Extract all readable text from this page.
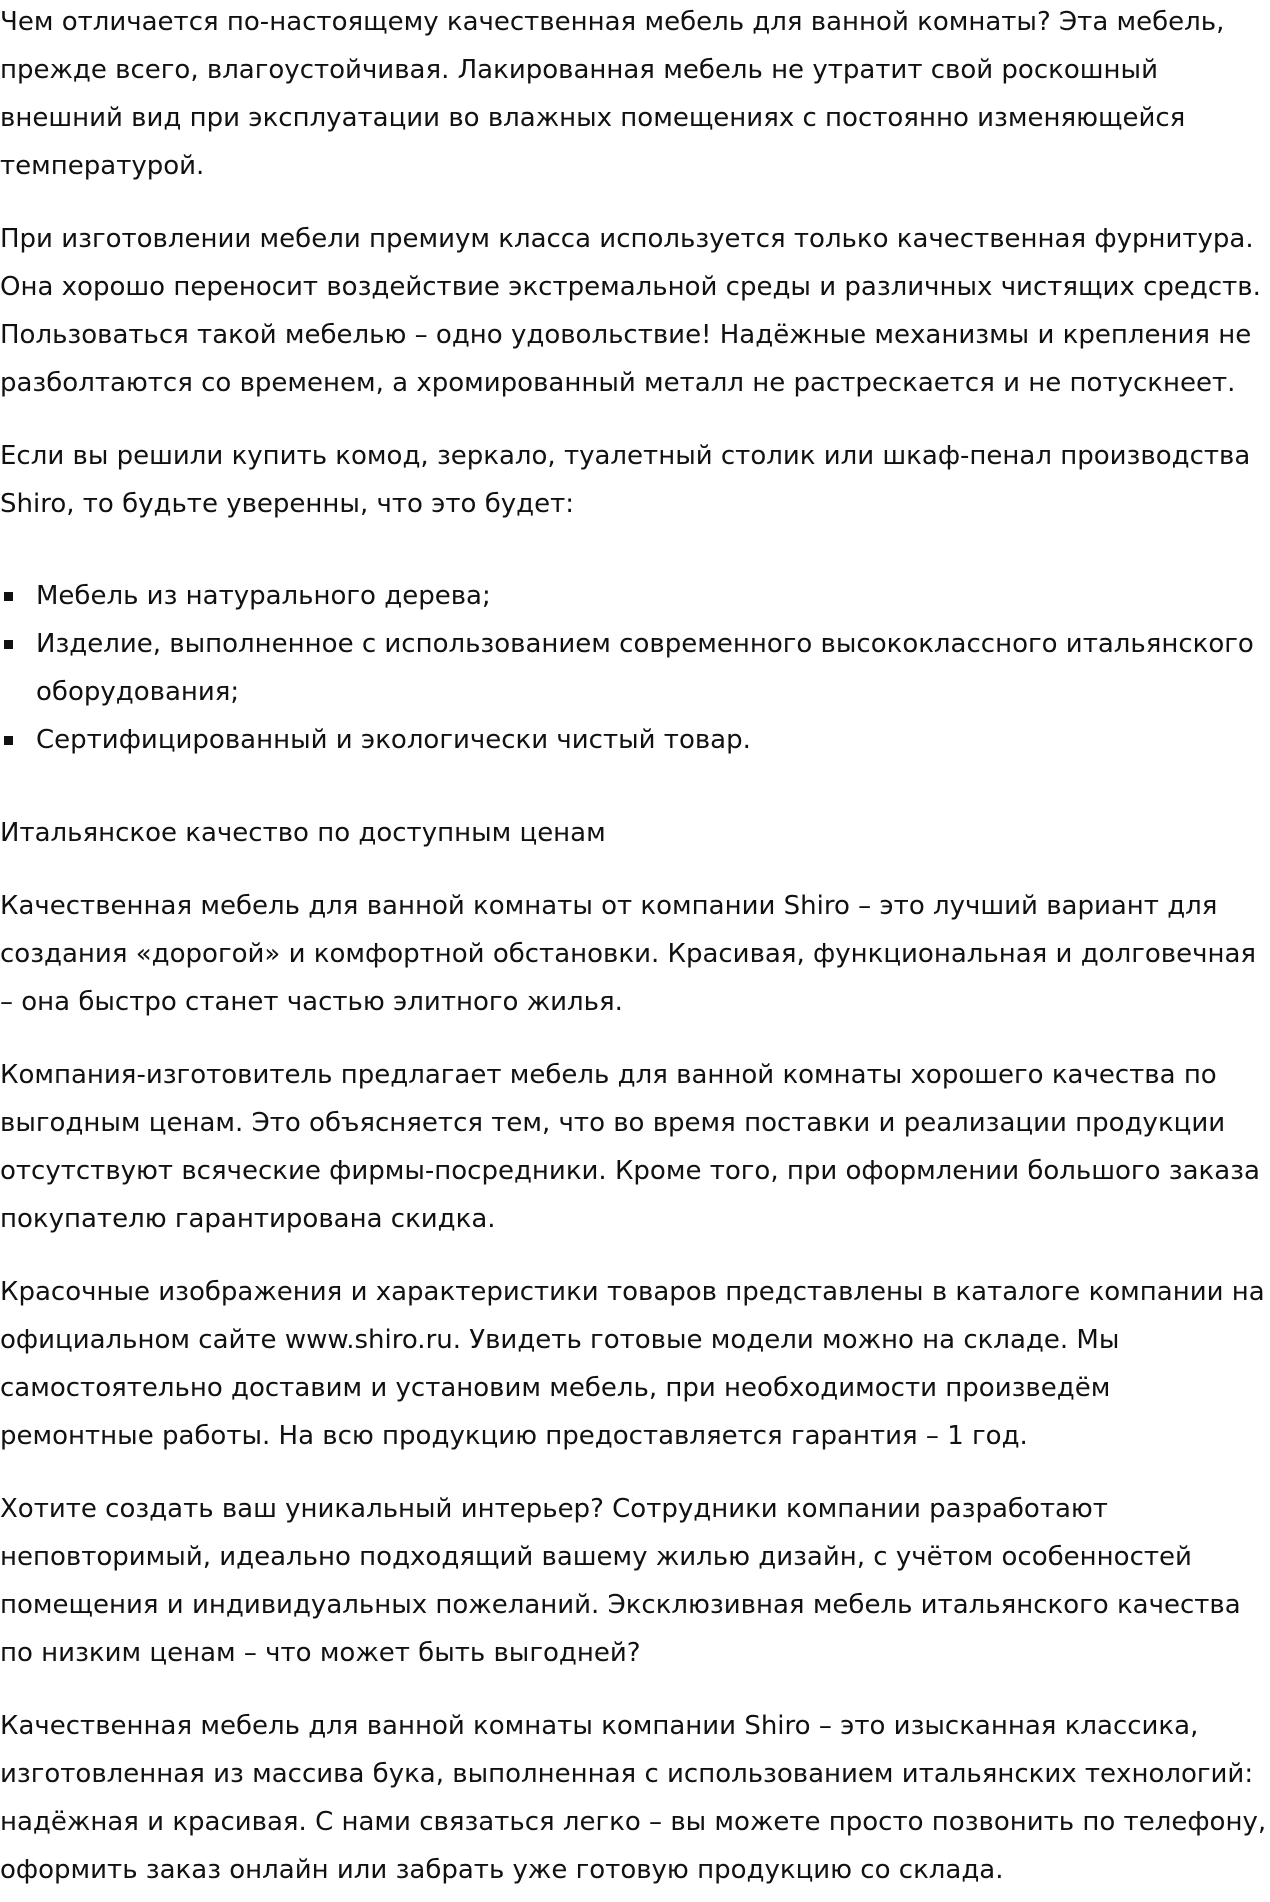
Чем отличается по-настоящему качественная мебель для ванной комнаты? Эта мебель, прежде всего, влагоустойчивая. Лакированная мебель не утратит свой роскошный внешний вид при эксплуатации во влажных помещениях с постоянно изменяющейся температурой.

При изготовлении мебели премиум класса используется только качественная фурнитура. Она хорошо переносит воздействие экстремальной среды и различных чистящих средств. Пользоваться такой мебелью – одно удовольствие! Надёжные механизмы и крепления не разболтаются со временем, а хромированный металл не растрескается и не потускнеет.

Если вы решили купить комод, зеркало, туалетный столик или шкаф-пенал производства Shiro, то будьте уверенны, что это будет:

Мебель из натурального дерева;
Изделие, выполненное с использованием современного высококлассного итальянского оборудования;
Сертифицированный и экологически чистый товар.
Итальянское качество по доступным ценам

Качественная мебель для ванной комнаты от компании Shiro – это лучший вариант для создания «дорогой» и комфортной обстановки. Красивая, функциональная и долговечная – она быстро станет частью элитного жилья.

Компания-изготовитель предлагает мебель для ванной комнаты хорошего качества по выгодным ценам. Это объясняется тем, что во время поставки и реализации продукции отсутствуют всяческие фирмы-посредники. Кроме того, при оформлении большого заказа покупателю гарантирована скидка.

Красочные изображения и характеристики товаров представлены в каталоге компании на официальном сайте www.shiro.ru. Увидеть готовые модели можно на складе. Мы самостоятельно доставим и установим мебель, при необходимости произведём ремонтные работы. На всю продукцию предоставляется гарантия – 1 год.

Хотите создать ваш уникальный интерьер? Сотрудники компании разработают неповторимый, идеально подходящий вашему жилью дизайн, с учётом особенностей помещения и индивидуальных пожеланий. Эксклюзивная мебель итальянского качества по низким ценам – что может быть выгодней?

Качественная мебель для ванной комнаты компании Shiro – это изысканная классика, изготовленная из массива бука, выполненная с использованием итальянских технологий: надёжная и красивая. С нами связаться легко – вы можете просто позвонить по телефону, оформить заказ онлайн или забрать уже готовую продукцию со склада.
